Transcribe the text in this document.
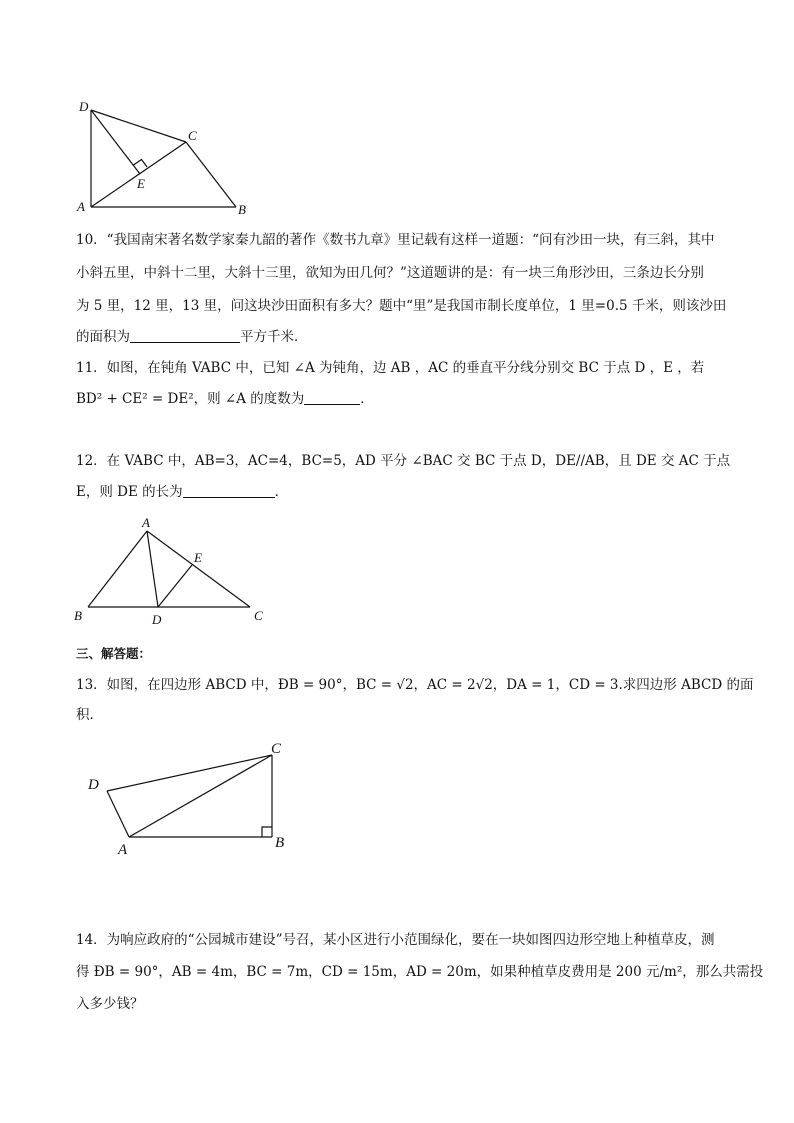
D
C
E
A	B
10．“我国南宋著名数学家秦九韶的著作《数书九章》里记载有这样一道题：“问有沙田一块，有三斜，其中
小斜五里，中斜十二里，大斜十三里，欲知为田几何？”这道题讲的是：有一块三角形沙田，三条边长分别
为 5 里，12 里，13 里，问这块沙田面积有多大？题中“里”是我国市制长度单位，1 里=0.5 千米，则该沙田
的面积为	平方千米．
11．如图，在钝角 VABC 中，已知 ∠A 为钝角，边 AB ，AC 的垂直平分线分别交 BC 于点 D ，E ，若
BD² + CE² = DE²，则 ∠A 的度数为	．
12．在 VABC 中，AB=3，AC=4，BC=5，AD 平分 ∠BAC 交 BC 于点 D，DE//AB，且 DE 交 AC 于点
E，则 DE 的长为	．
A
E
B	D	C
三、解答题：
13．如图，在四边形 ABCD 中，ÐB = 90°，BC = √2，AC = 2√2，DA = 1，CD = 3.求四边形 ABCD 的面
积．
C
D
A	B
14．为响应政府的“公园城市建设”号召，某小区进行小范围绿化，要在一块如图四边形空地上种植草皮，测
得 ÐB = 90°，AB = 4m，BC = 7m，CD = 15m，AD = 20m，如果种植草皮费用是 200 元/m²，那么共需投
入多少钱？
